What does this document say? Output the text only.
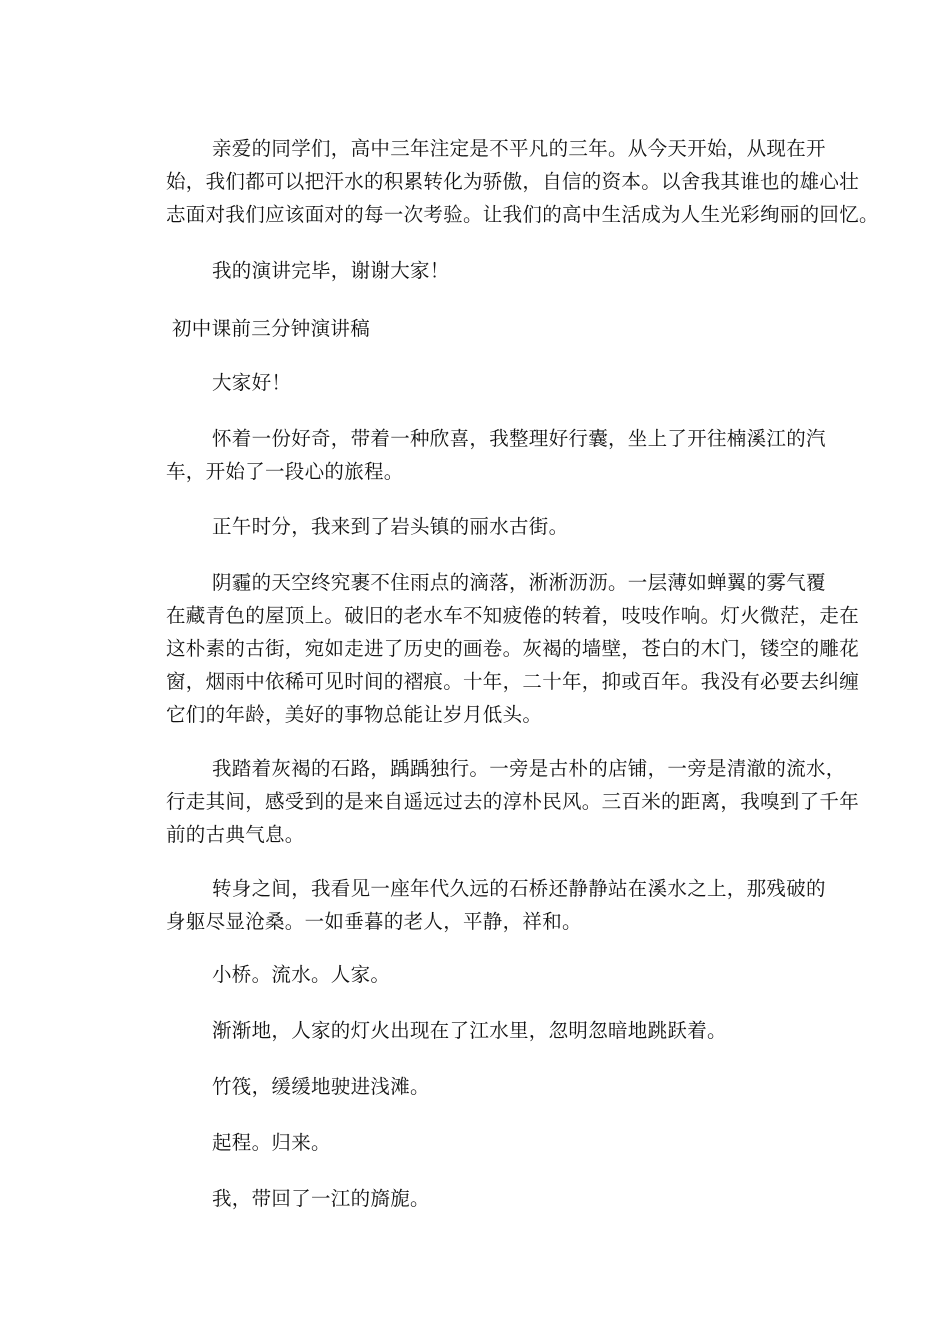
亲爱的同学们，高中三年注定是不平凡的三年。从今天开始，从现在开
始，我们都可以把汗水的积累转化为骄傲，自信的资本。以舍我其谁也的雄心壮
志面对我们应该面对的每一次考验。让我们的高中生活成为人生光彩绚丽的回忆。
我的演讲完毕，谢谢大家！
初中课前三分钟演讲稿
大家好！
怀着一份好奇，带着一种欣喜，我整理好行囊，坐上了开往楠溪江的汽
车，开始了一段心的旅程。
正午时分，我来到了岩头镇的丽水古街。
阴霾的天空终究裹不住雨点的滴落，淅淅沥沥。一层薄如蝉翼的雾气覆
在藏青色的屋顶上。破旧的老水车不知疲倦的转着，吱吱作响。灯火微茫，走在
这朴素的古街，宛如走进了历史的画卷。灰褐的墙壁，苍白的木门，镂空的雕花
窗，烟雨中依稀可见时间的褶痕。十年，二十年，抑或百年。我没有必要去纠缠
它们的年龄，美好的事物总能让岁月低头。
我踏着灰褐的石路，踽踽独行。一旁是古朴的店铺，一旁是清澈的流水，
行走其间，感受到的是来自遥远过去的淳朴民风。三百米的距离，我嗅到了千年
前的古典气息。
转身之间，我看见一座年代久远的石桥还静静站在溪水之上，那残破的
身躯尽显沧桑。一如垂暮的老人，平静，祥和。
小桥。流水。人家。
渐渐地，人家的灯火出现在了江水里，忽明忽暗地跳跃着。
竹筏，缓缓地驶进浅滩。
起程。归来。
我，带回了一江的旖旎。
